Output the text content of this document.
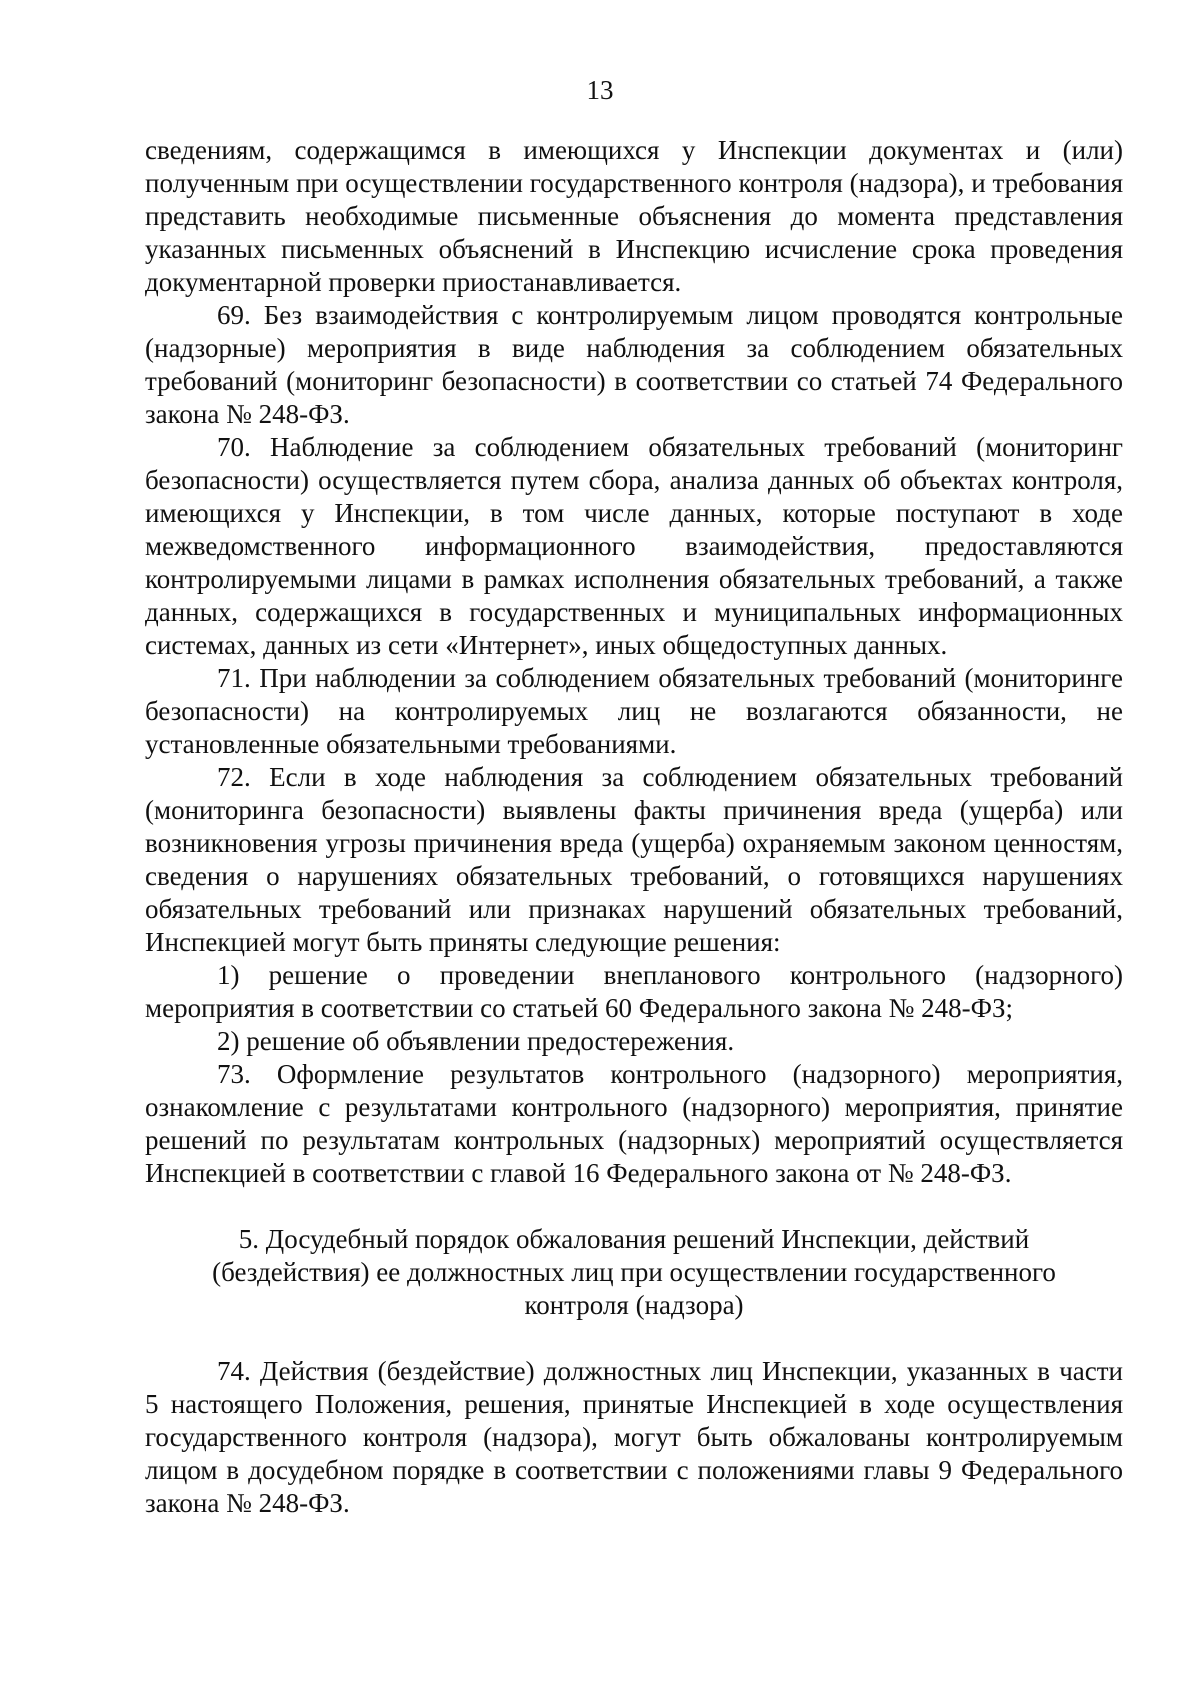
13

сведениям, содержащимся в имеющихся у Инспекции документах и (или) полученным при осуществлении государственного контроля (надзора), и требования представить необходимые письменные объяснения до момента представления указанных письменных объяснений в Инспекцию исчисление срока проведения документарной проверки приостанавливается.

69. Без взаимодействия с контролируемым лицом проводятся контрольные (надзорные) мероприятия в виде наблюдения за соблюдением обязательных требований (мониторинг безопасности) в соответствии со статьей 74 Федерального закона № 248-ФЗ.

70. Наблюдение за соблюдением обязательных требований (мониторинг безопасности) осуществляется путем сбора, анализа данных об объектах контроля, имеющихся у Инспекции, в том числе данных, которые поступают в ходе межведомственного информационного взаимодействия, предоставляются контролируемыми лицами в рамках исполнения обязательных требований, а также данных, содержащихся в государственных и муниципальных информационных системах, данных из сети «Интернет», иных общедоступных данных.

71. При наблюдении за соблюдением обязательных требований (мониторинге безопасности) на контролируемых лиц не возлагаются обязанности, не установленные обязательными требованиями.

72. Если в ходе наблюдения за соблюдением обязательных требований (мониторинга безопасности) выявлены факты причинения вреда (ущерба) или возникновения угрозы причинения вреда (ущерба) охраняемым законом ценностям, сведения о нарушениях обязательных требований, о готовящихся нарушениях обязательных требований или признаках нарушений обязательных требований, Инспекцией могут быть приняты следующие решения:

1) решение о проведении внепланового контрольного (надзорного) мероприятия в соответствии со статьей 60 Федерального закона № 248-ФЗ;

2) решение об объявлении предостережения.

73. Оформление результатов контрольного (надзорного) мероприятия, ознакомление с результатами контрольного (надзорного) мероприятия, принятие решений по результатам контрольных (надзорных) мероприятий осуществляется Инспекцией в соответствии с главой 16 Федерального закона от № 248-ФЗ.

5. Досудебный порядок обжалования решений Инспекции, действий
(бездействия) ее должностных лиц при осуществлении государственного
контроля (надзора)

74. Действия (бездействие) должностных лиц Инспекции, указанных в части 5 настоящего Положения, решения, принятые Инспекцией в ходе осуществления государственного контроля (надзора), могут быть обжалованы контролируемым лицом в досудебном порядке в соответствии с положениями главы 9 Федерального закона № 248-ФЗ.
